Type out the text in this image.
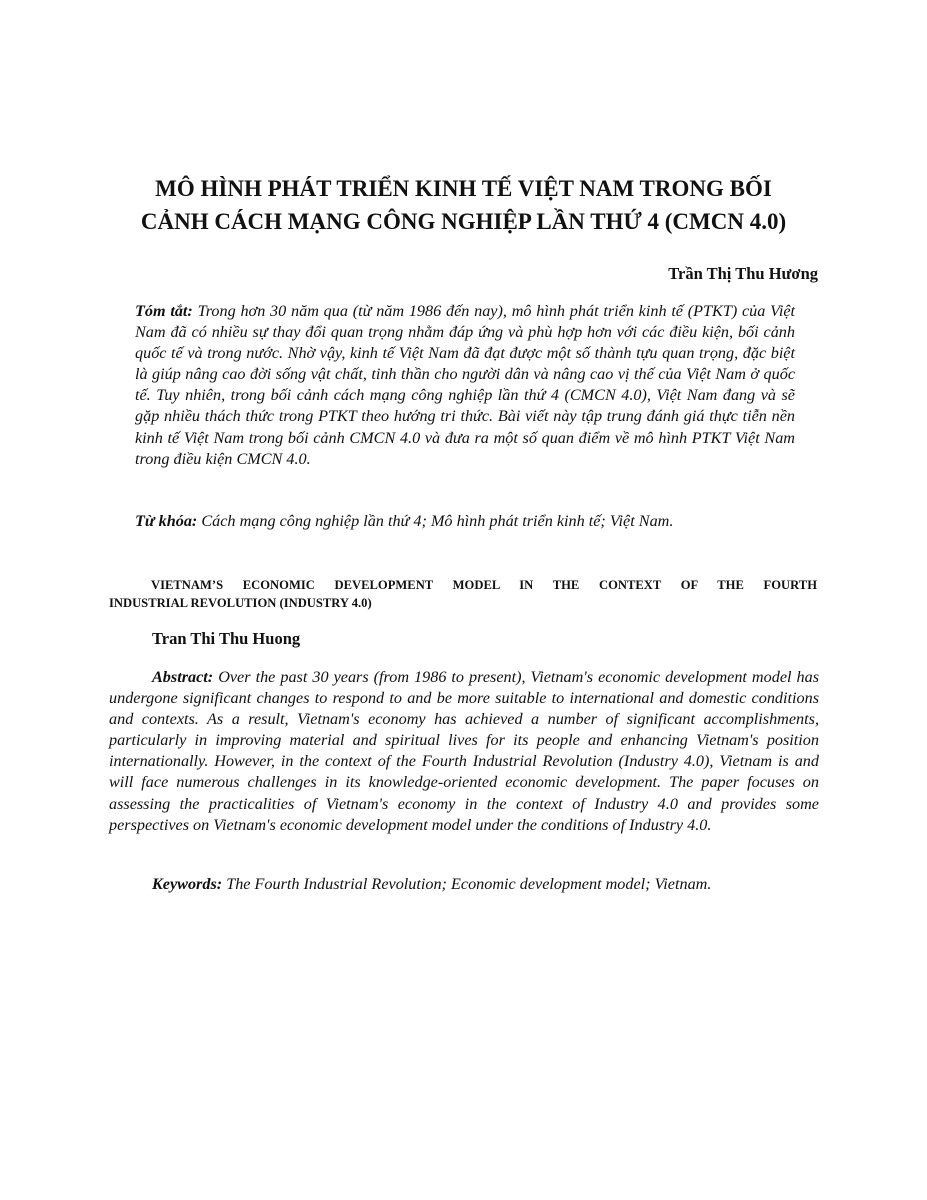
MÔ HÌNH PHÁT TRIỂN KINH TẾ VIỆT NAM TRONG BỐI
CẢNH CÁCH MẠNG CÔNG NGHIỆP LẦN THỨ 4 (CMCN 4.0)
Trần Thị Thu Hương

Tóm tắt: Trong hơn 30 năm qua (từ năm 1986 đến nay), mô hình phát triển kinh tế (PTKT) của Việt Nam đã có nhiều sự thay đổi quan trọng nhằm đáp ứng và phù hợp hơn với các điều kiện, bối cảnh quốc tế và trong nước. Nhờ vậy, kinh tế Việt Nam đã đạt được một số thành tựu quan trọng, đặc biệt là giúp nâng cao đời sống vật chất, tinh thần cho người dân và nâng cao vị thế của Việt Nam ở quốc tế. Tuy nhiên, trong bối cảnh cách mạng công nghiệp lần thứ 4 (CMCN 4.0), Việt Nam đang và sẽ gặp nhiều thách thức trong PTKT theo hướng tri thức. Bài viết này tập trung đánh giá thực tiễn nền kinh tế Việt Nam trong bối cảnh CMCN 4.0 và đưa ra một số quan điểm về mô hình PTKT Việt Nam trong điều kiện CMCN 4.0.

Từ khóa: Cách mạng công nghiệp lần thứ 4; Mô hình phát triển kinh tế; Việt Nam.

VIETNAM’S ECONOMIC DEVELOPMENT MODEL IN THE CONTEXT OF THE FOURTH
INDUSTRIAL REVOLUTION (INDUSTRY 4.0)
Tran Thi Thu Huong

Abstract: Over the past 30 years (from 1986 to present), Vietnam's economic development model has undergone significant changes to respond to and be more suitable to international and domestic conditions and contexts. As a result, Vietnam's economy has achieved a number of significant accomplishments, particularly in improving material and spiritual lives for its people and enhancing Vietnam's position internationally. However, in the context of the Fourth Industrial Revolution (Industry 4.0), Vietnam is and will face numerous challenges in its knowledge-oriented economic development. The paper focuses on assessing the practicalities of Vietnam's economy in the context of Industry 4.0 and provides some perspectives on Vietnam's economic development model under the conditions of Industry 4.0.

Keywords: The Fourth Industrial Revolution; Economic development model; Vietnam.
